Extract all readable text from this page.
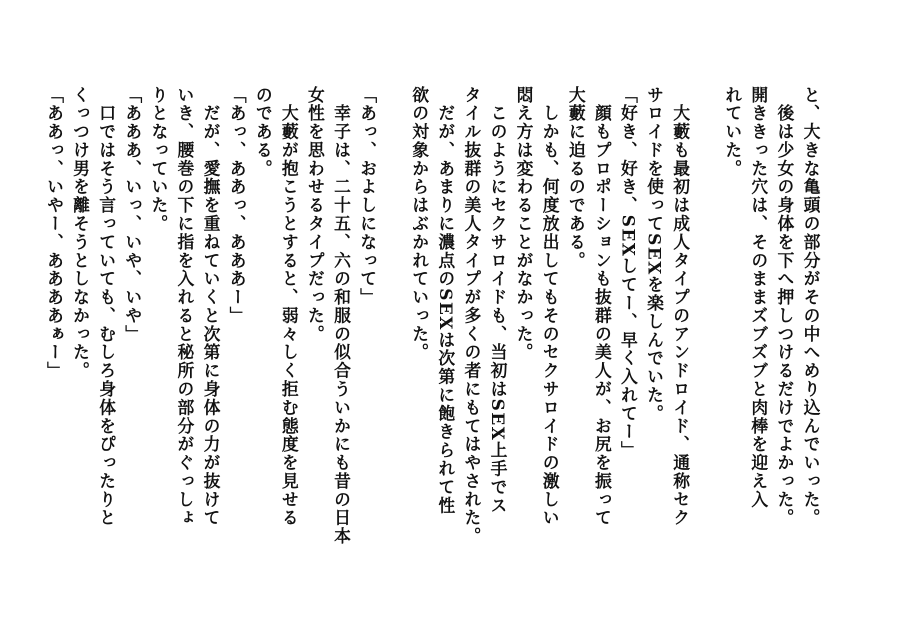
と、大きな亀頭の部分がその中へめり込んでいった。
　後は少女の身体を下へ押しつけるだけでよかった。
開ききった穴は、そのままズブズブと肉棒を迎え入
れていた。
　大藪も最初は成人タイプのアンドロイド、通称セク
サロイドを使ってSEXを楽しんでいた。
「好き、好き、SEXしてー、早く入れてー」
　顔もプロポーションも抜群の美人が、お尻を振って
大藪に迫るのである。
　しかも、何度放出してもそのセクサロイドの激しい
悶え方は変わることがなかった。
　このようにセクサロイドも、当初はSEX上手でス
タイル抜群の美人タイプが多くの者にもてはやされた。
　だが、あまりに濃点のSEXは次第に飽きられて性
欲の対象からはぶかれていった。
「あっ、およしになって」
　幸子は、二十五、六の和服の似合ういかにも昔の日本
女性を思わせるタイプだった。
　大藪が抱こうとすると、弱々しく拒む態度を見せる
のである。
「あっ、ああっ、あああー」
　だが、愛撫を重ねていくと次第に身体の力が抜けて
いき、腰巻の下に指を入れると秘所の部分がぐっしょ
りとなっていた。
「あああ、いっ、いや、いや」
　口ではそう言っていても、むしろ身体をぴったりと
くっつけ男を離そうとしなかった。
「ああっ、いやー、ああああぁー」
